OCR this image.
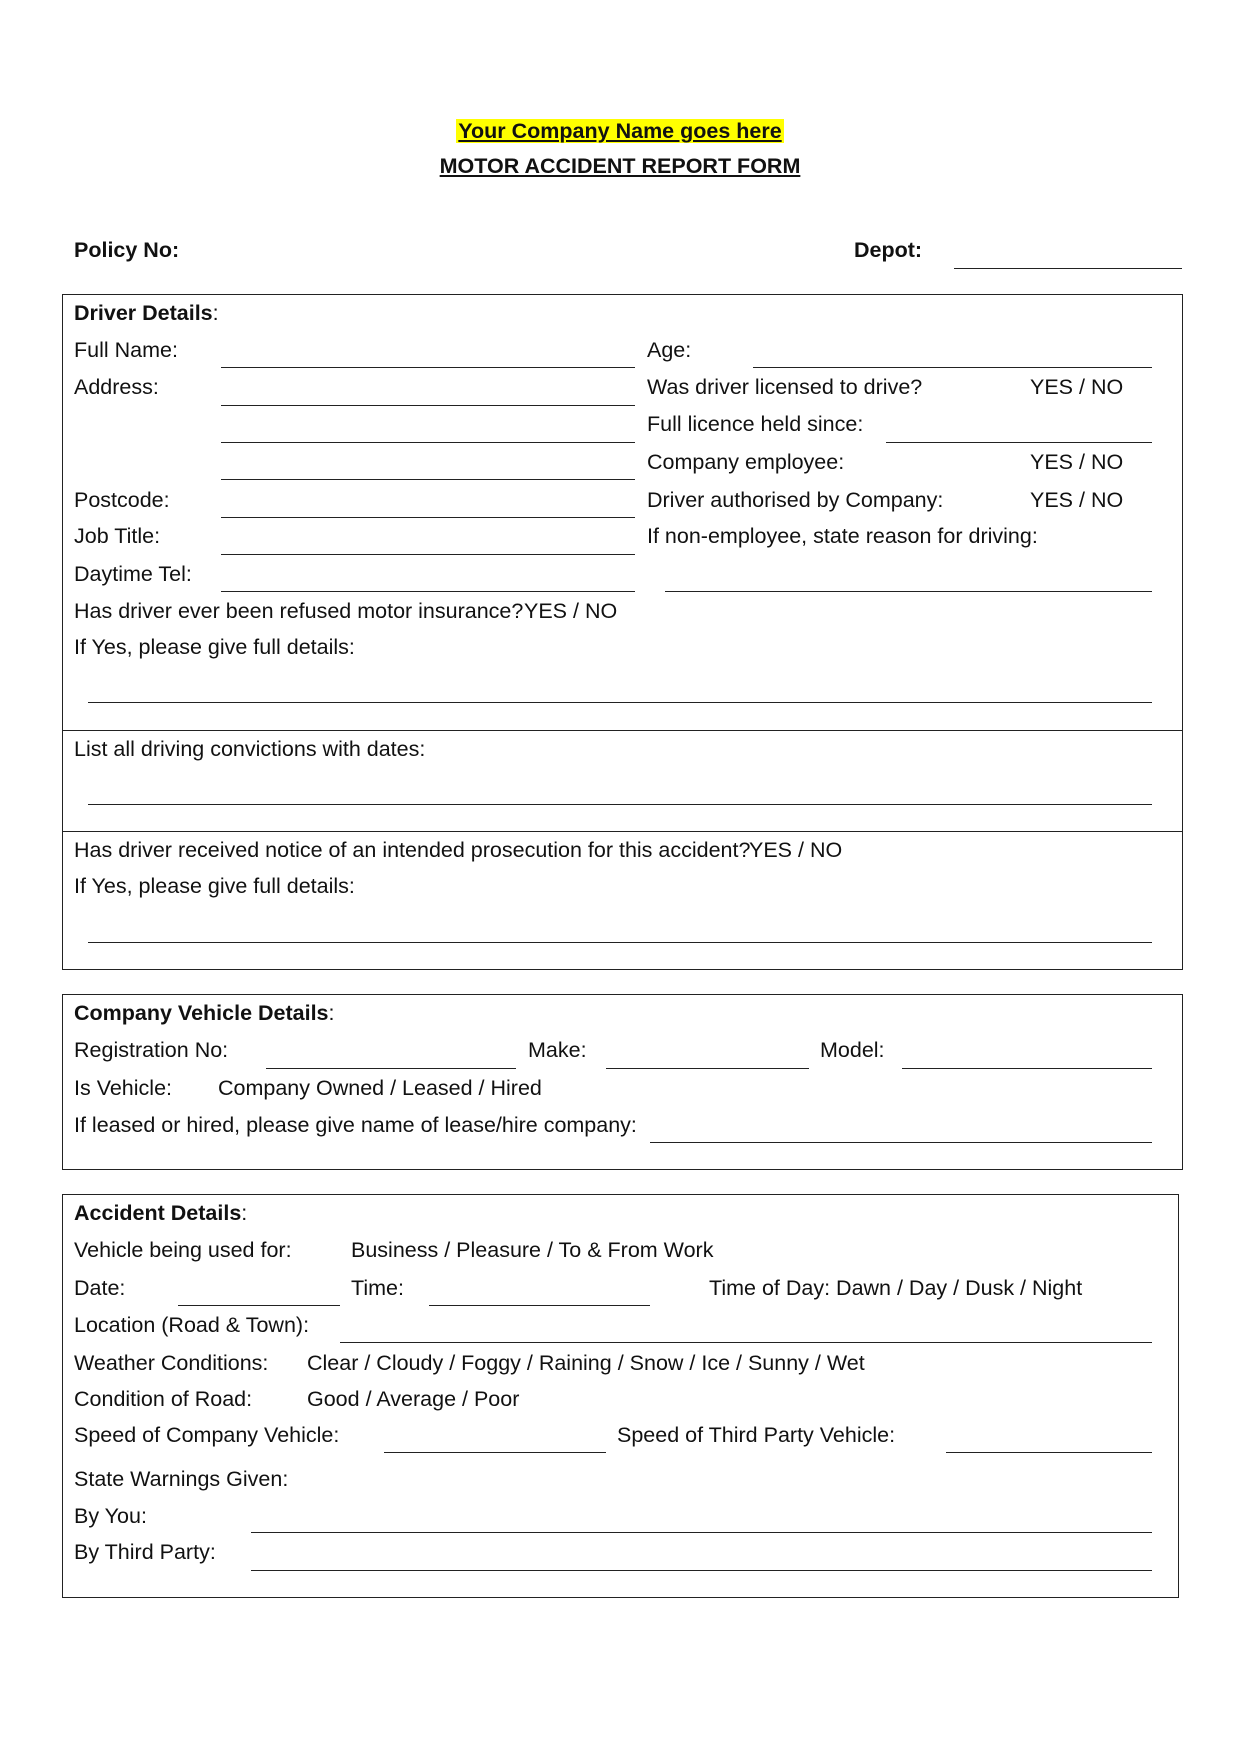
Your Company Name goes here
MOTOR ACCIDENT REPORT FORM
Policy No:	Depot:
Driver Details:
Full Name:	Age:
Address:	Was driver licensed to drive?	YES / NO
Full licence held since:
Company employee:	YES / NO
Postcode:	Driver authorised by Company:	YES / NO
Job Title:	If non-employee, state reason for driving:
Daytime Tel:
Has driver ever been refused motor insurance? YES / NO
If Yes, please give full details:
List all driving convictions with dates:
Has driver received notice of an intended prosecution for this accident?
YES / NO
If Yes, please give full details:
Company Vehicle Details:
Registration No:	Make:	Model:
Is Vehicle: Company Owned / Leased / Hired
If leased or hired, please give name of lease/hire company:
Accident Details:
Vehicle being used for:	Business / Pleasure / To & From Work
Date:	Time:	Time of Day: Dawn / Day / Dusk / Night
Location (Road & Town):
Weather Conditions: Clear / Cloudy / Foggy / Raining / Snow / Ice / Sunny / Wet
Condition of Road:	Good / Average / Poor
Speed of Company Vehicle:	Speed of Third Party Vehicle:
State Warnings Given:
By You:
By Third Party:
